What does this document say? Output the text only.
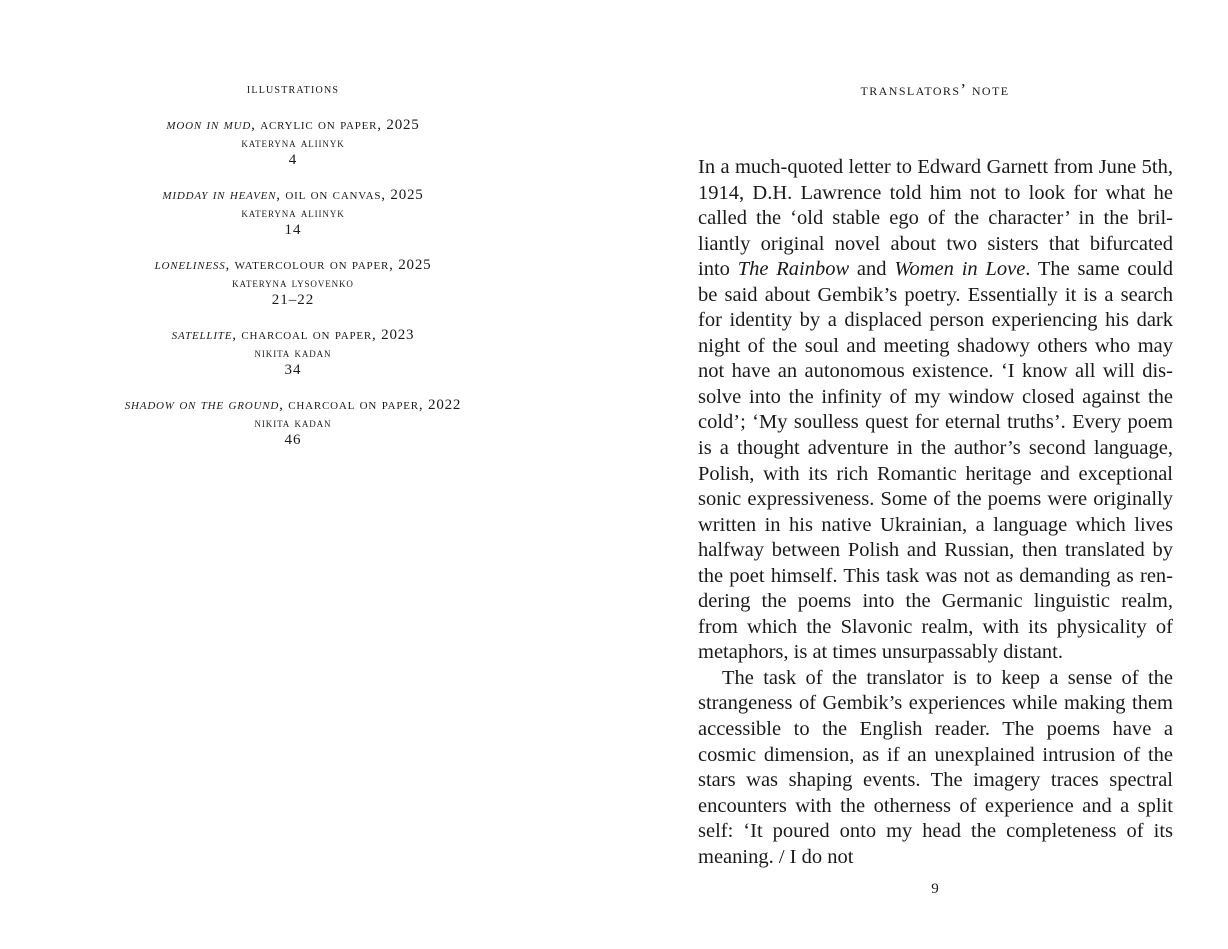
illustrations
moon in mud, acrylic on paper, 2025
kateryna aliinyk
4
midday in heaven, oil on canvas, 2025
kateryna aliinyk
14
loneliness, watercolour on paper, 2025
kateryna lysovenko
21–22
satellite, charcoal on paper, 2023
nikita kadan
34
shadow on the ground, charcoal on paper, 2022
nikita kadan
46
translators’ note

In a much-quoted letter to Edward Garnett from June 5th, 1914, D.H. Lawrence told him not to look for what he called the ‘old stable ego of the character’ in the brilliantly original novel about two sisters that bifurcated into The Rainbow and Women in Love. The same could be said about Gembik’s poetry. Essentially it is a search for identity by a displaced person experiencing his dark night of the soul and meeting shadowy others who may not have an autonomous existence. ‘I know all will dissolve into the infinity of my window closed against the cold’; ‘My soulless quest for eternal truths’. Every poem is a thought adventure in the author’s second language, Polish, with its rich Romantic heritage and exceptional sonic expressiveness. Some of the poems were originally written in his native Ukrainian, a language which lives halfway between Polish and Russian, then translated by the poet himself. This task was not as demanding as rendering the poems into the Germanic linguistic realm, from which the Slavonic realm, with its physicality of metaphors, is at times unsurpassably distant.

The task of the translator is to keep a sense of the strangeness of Gembik’s experiences while making them accessible to the English reader. The poems have a cosmic dimension, as if an unexplained intrusion of the stars was shaping events. The imagery traces spectral encounters with the otherness of experience and a split self: ‘It poured onto my head the completeness of its meaning. / I do not

9
